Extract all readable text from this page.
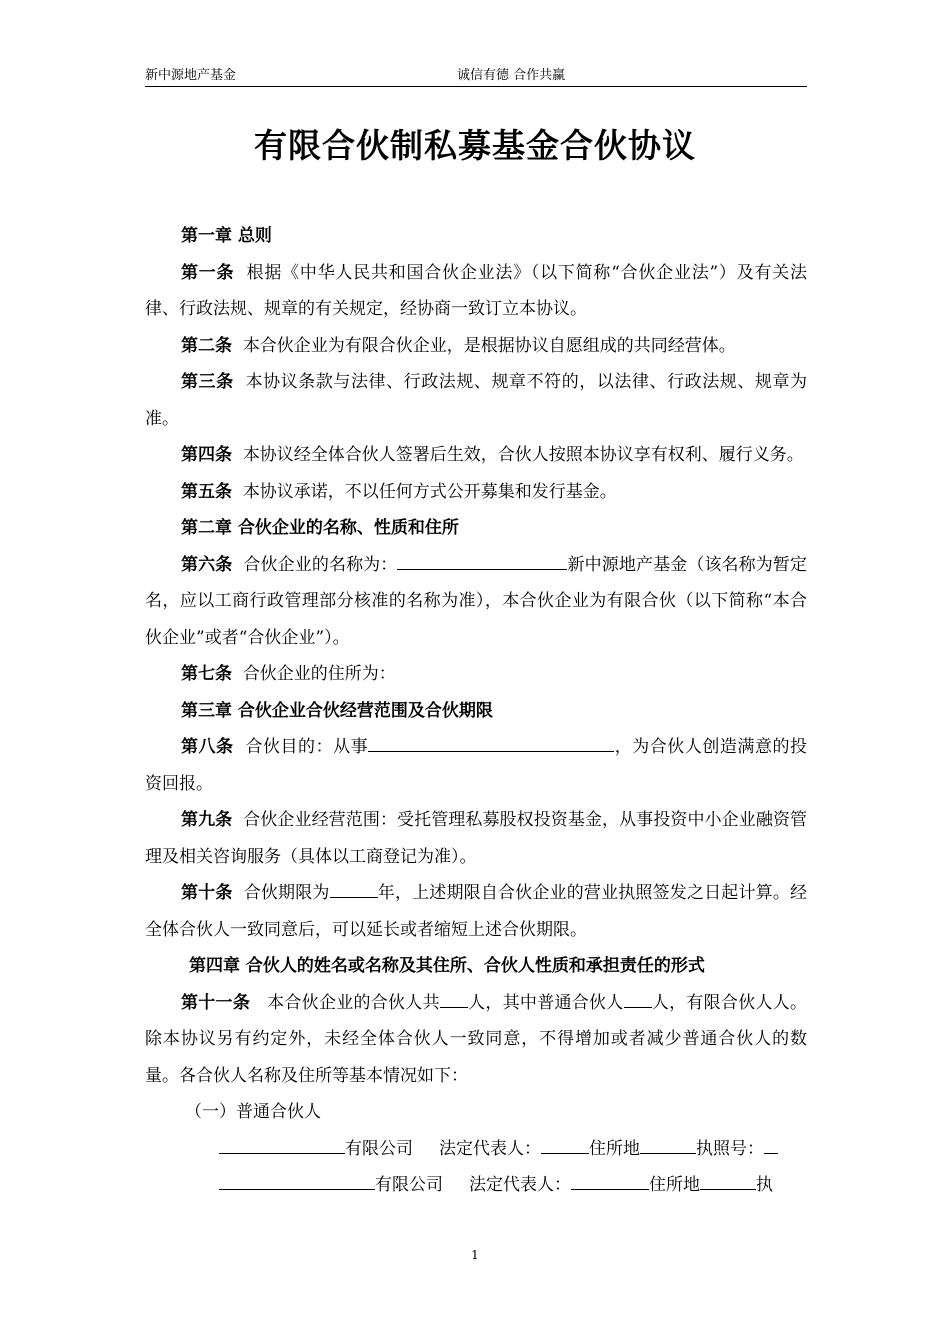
新中源地产基金	诚信有德 合作共赢
有限合伙制私募基金合伙协议

第一章 总则

第一条 根据《中华人民共和国合伙企业法》（以下简称“合伙企业法”）及有关法律、行政法规、规章的有关规定，经协商一致订立本协议。

第二条 本合伙企业为有限合伙企业，是根据协议自愿组成的共同经营体。

第三条 本协议条款与法律、行政法规、规章不符的，以法律、行政法规、规章为准。

第四条 本协议经全体合伙人签署后生效，合伙人按照本协议享有权利、履行义务。

第五条 本协议承诺，不以任何方式公开募集和发行基金。

第二章 合伙企业的名称、性质和住所

第六条 合伙企业的名称为：	新中源地产基金（该名称为暂定名，应以工商行政管理部分核准的名称为准），本合伙企业为有限合伙（以下简称“本合伙企业”或者“合伙企业”）。

第七条 合伙企业的住所为：

第三章 合伙企业合伙经营范围及合伙期限

第八条 合伙目的：从事	，为合伙人创造满意的投资回报。

第九条 合伙企业经营范围：受托管理私募股权投资基金，从事投资中小企业融资管理及相关咨询服务（具体以工商登记为准）。

第十条 合伙期限为	年，上述期限自合伙企业的营业执照签发之日起计算。经全体合伙人一致同意后，可以延长或者缩短上述合伙期限。

第四章 合伙人的姓名或名称及其住所、合伙人性质和承担责任的形式

第十一条 本合伙企业的合伙人共 人，其中普通合伙人 人，有限合伙人人。除本协议另有约定外，未经全体合伙人一致同意，不得增加或者减少普通合伙人的数量。各合伙人名称及住所等基本情况如下：

（一）普通合伙人

有限公司 法定代表人：	住所地	执照号：

有限公司 法定代表人：	住所地	执

1
